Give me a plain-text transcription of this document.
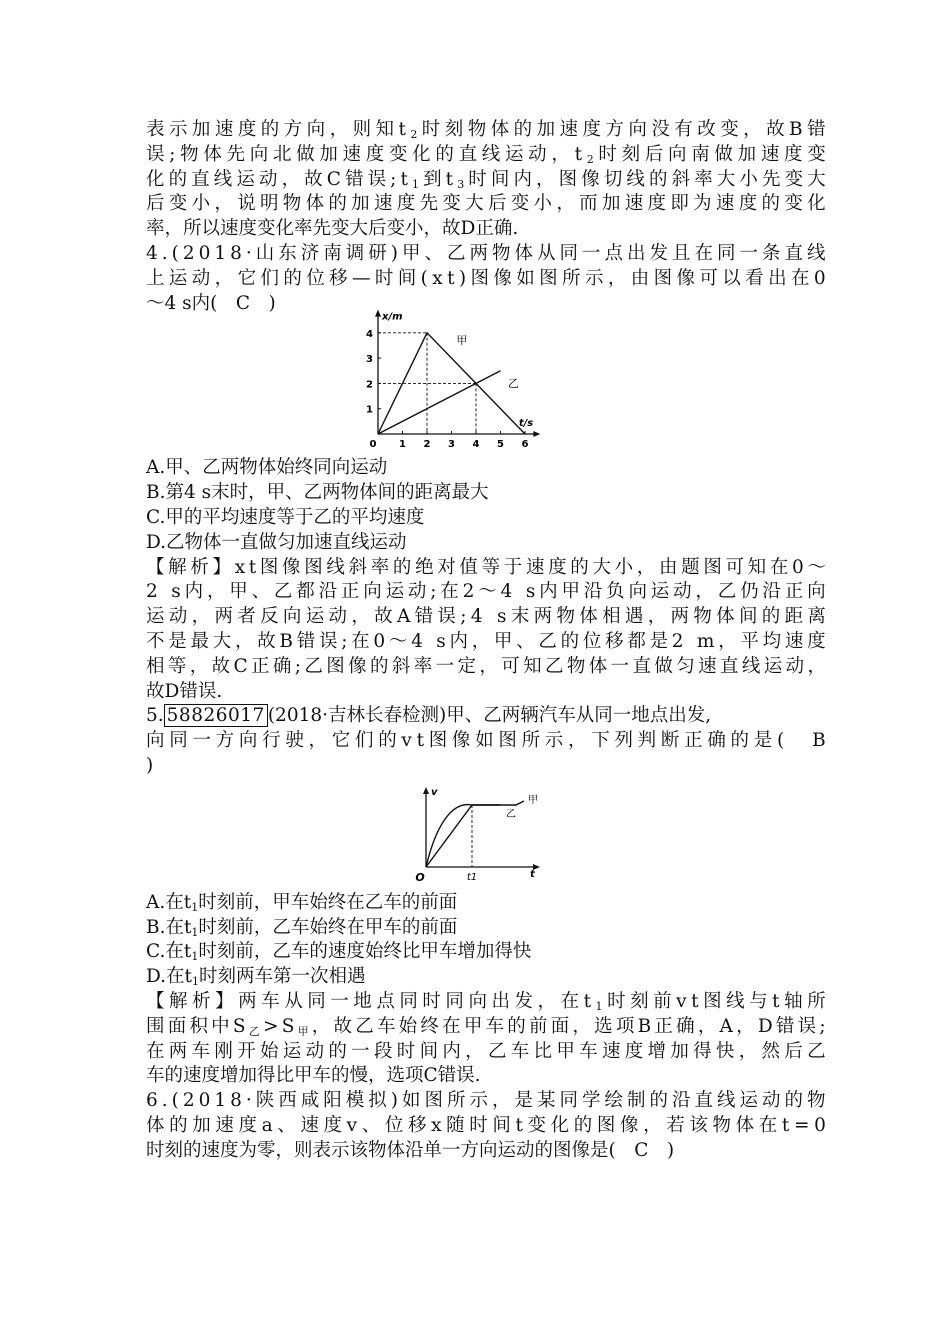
表 示 加 速 度 的 方 向 ， 则 知 t $_2$ 时 刻 物 体 的 加 速 度 方 向 没 有 改 变 ， 故 B 错
误 ; 物 体 先 向 北 做 加 速 度 变 化 的 直 线 运 动 ， t $_2$ 时 刻 后 向 南 做 加 速 度 变
化 的 直 线 运 动 ， 故 C 错 误 ; t $_1$ 到 t $_3$ 时 间 内 ， 图 像 切 线 的 斜 率 大 小 先 变 大
后 变 小 ， 说 明 物 体 的 加 速 度 先 变 大 后 变 小 ， 而 加 速 度 即 为 速 度 的 变 化
率，所以速度变化率先变大后变小，故D正确.
4 . ( 2 0 1 8 · 山 东 济 南 调 研 ) 甲 、 乙 两 物 体 从 同 一 点 出 发 且 在 同 一 条 直 线
上 运 动 ， 它 们 的 位 移 — 时 间 ( x t ) 图 像 如 图 所 示 ， 由 图 像 可 以 看 出 在 0
～4 s内(　C　)
0 1 2 3 4 5 6
1
2
3
4
t/s
x/m
甲
乙
A.甲、乙两物体始终同向运动
B.第4 s末时，甲、乙两物体间的距离最大
C.甲的平均速度等于乙的平均速度
D.乙物体一直做匀加速直线运动
【 解 析 】 x t 图 像 图 线 斜 率 的 绝 对 值 等 于 速 度 的 大 小 ， 由 题 图 可 知 在 0 ～
2
s 内 ， 甲 、 乙 都 沿 正 向 运 动 ; 在 2 ～ 4
s 内 甲 沿 负 向 运 动 ， 乙 仍 沿 正 向
运 动 ， 两 者 反 向 运 动 ， 故 A 错 误 ; 4
s 末 两 物 体 相 遇 ， 两 物 体 间 的 距 离
不 是 最 大 ， 故 B 错 误 ; 在 0 ～ 4
s 内 ， 甲 、 乙 的 位 移 都 是 2
m ， 平 均 速 度
相 等 ， 故 C 正 确 ; 乙 图 像 的 斜 率 一 定 ， 可 知 乙 物 体 一 直 做 匀 速 直 线 运 动 ，
故D错误.
5. 58826017 (2018·吉林长春检测)甲、乙两辆汽车从同一地点出发,
向 同 一 方 向 行 驶 ， 它 们 的 v t 图 像 如 图 所 示 ， 下 列 判 断 正 确 的 是 (
　 B
)
O	t1	t
v
甲
乙
A.在$t_1$时刻前，甲车始终在乙车的前面
B.在$t_1$时刻前，乙车始终在甲车的前面
C.在$t_1$时刻前，乙车的速度始终比甲车增加得快
D.在$t_1$时刻两车第一次相遇
【 解 析 】 两 车 从 同 一 地 点 同 时 同 向 出 发 ， 在 t $_1$ 时 刻 前 v t 图 线 与 t 轴 所
围 面 积 中 S $_乙$ > S $_甲$ ， 故 乙 车 始 终 在 甲 车 的 前 面 ， 选 项 B 正 确 ， A ， D 错 误 ;
在 两 车 刚 开 始 运 动 的 一 段 时 间 内 ， 乙 车 比 甲 车 速 度 增 加 得 快 ， 然 后 乙
车的速度增加得比甲车的慢，选项C错误.
6 . ( 2 0 1 8 · 陕 西 咸 阳 模 拟 ) 如 图 所 示 ， 是 某 同 学 绘 制 的 沿 直 线 运 动 的 物
体 的 加 速 度 a 、 速 度 v 、 位 移 x 随 时 间 t 变 化 的 图 像 ， 若 该 物 体 在 t = 0
时刻的速度为零，则表示该物体沿单一方向运动的图像是(　C　)
